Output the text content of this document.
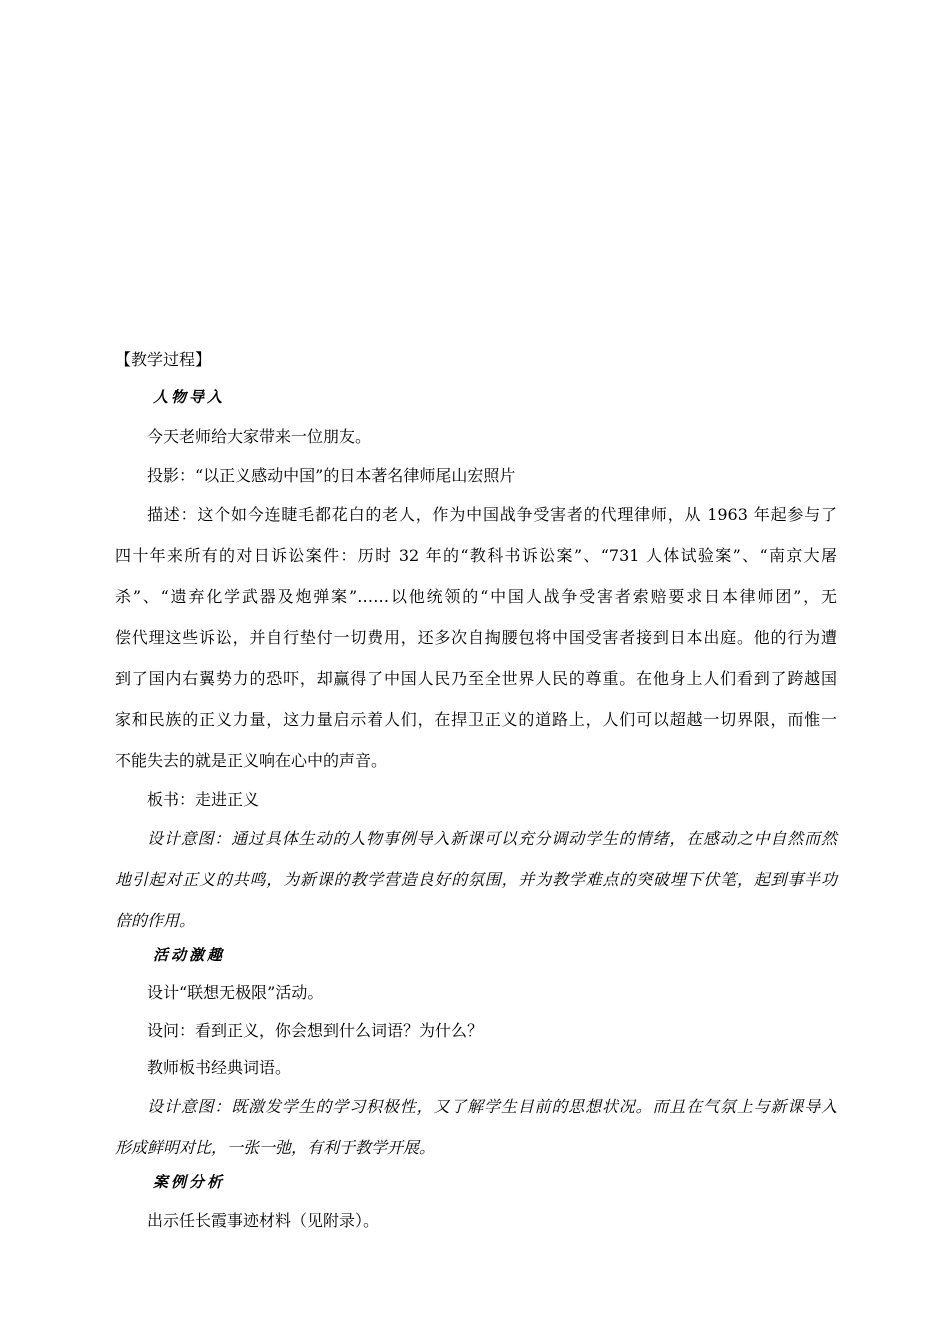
【教学过程】
人物导入
今天老师给大家带来一位朋友。
投影：“以正义感动中国”的日本著名律师尾山宏照片
描述：这个如今连睫毛都花白的老人，作为中国战争受害者的代理律师，从 1963 年起参与了
四十年来所有的对日诉讼案件：历时 32 年的“教科书诉讼案”、“731 人体试验案”、“南京大屠
杀”、“遗弃化学武器及炮弹案”……以他统领的“中国人战争受害者索赔要求日本律师团”，无
偿代理这些诉讼，并自行垫付一切费用，还多次自掏腰包将中国受害者接到日本出庭。他的行为遭
到了国内右翼势力的恐吓，却赢得了中国人民乃至全世界人民的尊重。在他身上人们看到了跨越国
家和民族的正义力量，这力量启示着人们，在捍卫正义的道路上，人们可以超越一切界限，而惟一
不能失去的就是正义响在心中的声音。
板书：走进正义
设计意图：通过具体生动的人物事例导入新课可以充分调动学生的情绪，在感动之中自然而然
地引起对正义的共鸣，为新课的教学营造良好的氛围，并为教学难点的突破埋下伏笔，起到事半功
倍的作用。
活动激趣
设计“联想无极限”活动。
设问：看到正义，你会想到什么词语？为什么？
教师板书经典词语。
设计意图：既激发学生的学习积极性，又了解学生目前的思想状况。而且在气氛上与新课导入
形成鲜明对比，一张一弛，有利于教学开展。
案例分析
出示任长霞事迹材料（见附录）。
